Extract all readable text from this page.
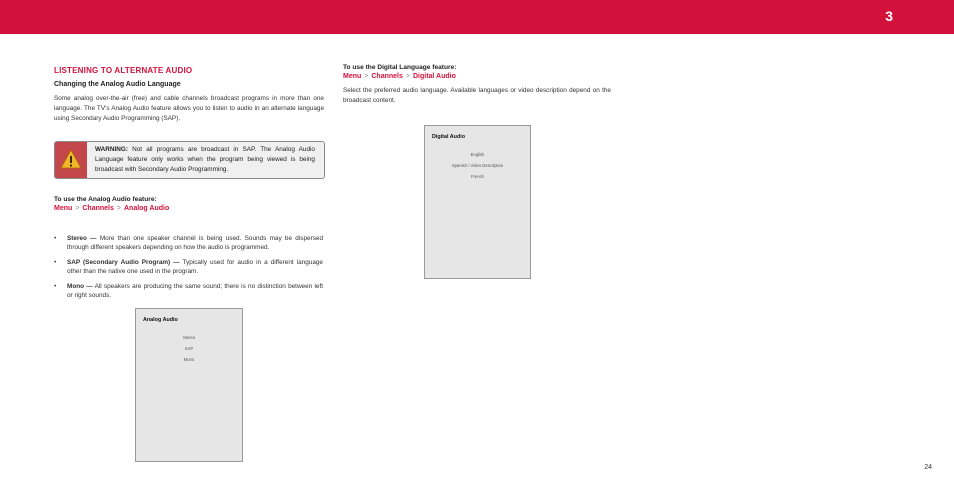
3
LISTENING TO ALTERNATE AUDIO
Changing the Analog Audio Language

Some analog over-the-air (free) and cable channels broadcast programs in more than one language. The TV's Analog Audio feature allows you to listen to audio in an alternate language using Secondary Audio Programming (SAP).

WARNING: Not all programs are broadcast in SAP. The Analog Audio Language feature only works when the program being viewed is being broadcast with Secondary Audio Programming.

To use the Analog Audio feature:

Menu > Channels > Analog Audio

• Stereo — More than one speaker channel is being used. Sounds may be dispersed through different speakers depending on how the audio is programmed.
• SAP (Secondary Audio Program) — Typically used for audio in a different language other than the native one used in the program.
• Mono — All speakers are producing the same sound; there is no distinction between left or right sounds.
Analog Audio
Stereo
SAP
Mono

To use the Digital Language feature:

Menu > Channels > Digital Audio

Select the preferred audio language. Available languages or video description depend on the broadcast content.

Digital Audio
English
Spanish / Video Description
French
24
